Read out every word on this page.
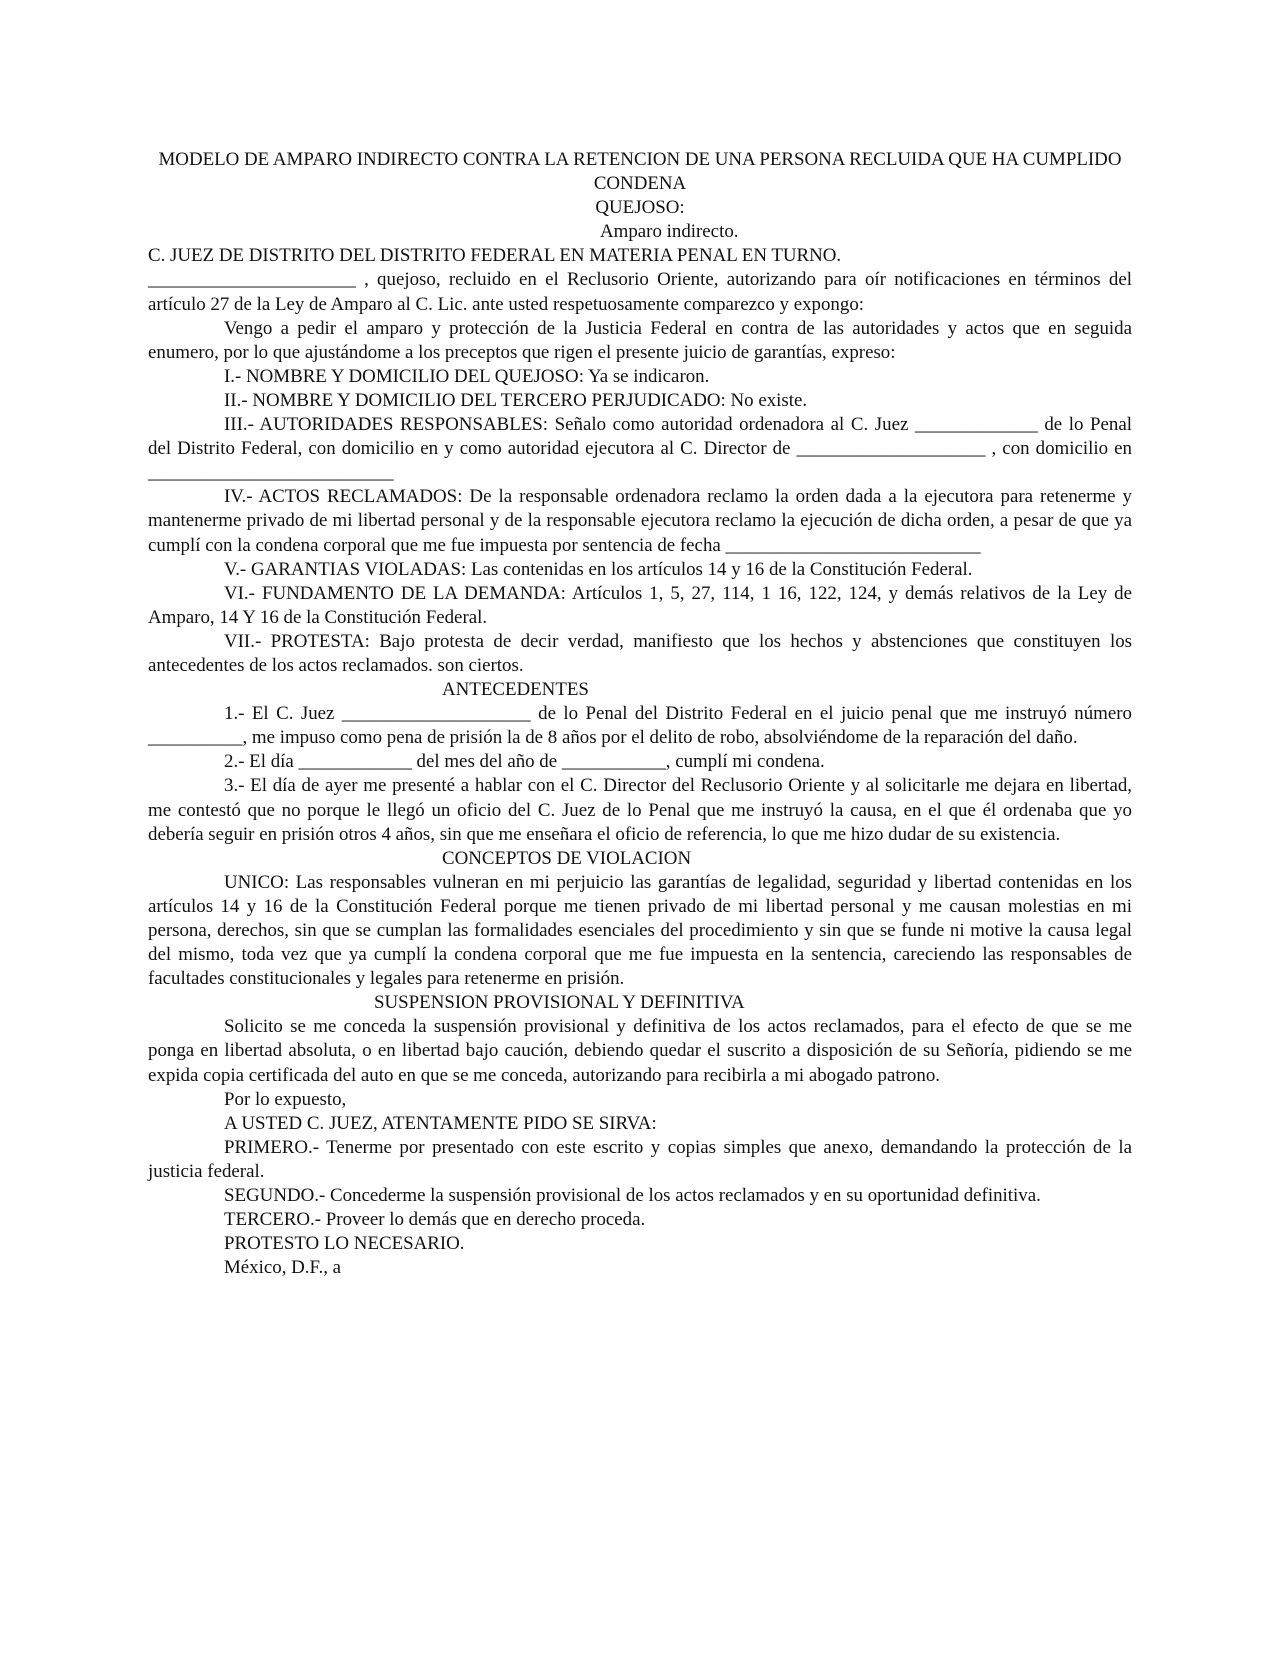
MODELO DE AMPARO INDIRECTO CONTRA LA RETENCION DE UNA PERSONA RECLUIDA QUE HA CUMPLIDO CONDENA

QUEJOSO:

Amparo indirecto.

C. JUEZ DE DISTRITO DEL DISTRITO FEDERAL EN MATERIA PENAL EN TURNO.

______________________ , quejoso, recluido en el Reclusorio Oriente, autorizando para oír notificaciones en términos del artículo 27 de la Ley de Amparo al C. Lic. ante usted respetuosamente comparezco y expongo:

Vengo a pedir el amparo y protección de la Justicia Federal en contra de las autoridades y actos que en seguida enumero, por lo que ajustándome a los preceptos que rigen el presente juicio de garantías, expreso:

I.- NOMBRE Y DOMICILIO DEL QUEJOSO: Ya se indicaron.

II.- NOMBRE Y DOMICILIO DEL TERCERO PERJUDICADO: No existe.

III.- AUTORIDADES RESPONSABLES: Señalo como autoridad ordenadora al C. Juez _____________ de lo Penal del Distrito Federal, con domicilio en y como autoridad ejecutora al C. Director de ____________________ , con domicilio en __________________________

IV.- ACTOS RECLAMADOS: De la responsable ordenadora reclamo la orden dada a la ejecutora para retenerme y mantenerme privado de mi libertad personal y de la responsable ejecutora reclamo la ejecución de dicha orden, a pesar de que ya cumplí con la condena corporal que me fue impuesta por sentencia de fecha ___________________________

V.- GARANTIAS VIOLADAS: Las contenidas en los artículos 14 y 16 de la Constitución Federal.

VI.- FUNDAMENTO DE LA DEMANDA: Artículos 1, 5, 27, 114, 1 16, 122, 124, y demás relativos de la Ley de Amparo, 14 Y 16 de la Constitución Federal.

VII.- PROTESTA: Bajo protesta de decir verdad, manifiesto que los hechos y abstenciones que constituyen los antecedentes de los actos reclamados. son ciertos.

ANTECEDENTES

1.- El C. Juez ____________________ de lo Penal del Distrito Federal en el juicio penal que me instruyó número __________, me impuso como pena de prisión la de 8 años por el delito de robo, absolviéndome de la reparación del daño.

2.- El día ____________ del mes del año de ___________, cumplí mi condena.

3.- El día de ayer me presenté a hablar con el C. Director del Reclusorio Oriente y al solicitarle me dejara en libertad, me contestó que no porque le llegó un oficio del C. Juez de lo Penal que me instruyó la causa, en el que él ordenaba que yo debería seguir en prisión otros 4 años, sin que me enseñara el oficio de referencia, lo que me hizo dudar de su existencia.

CONCEPTOS DE VIOLACION

UNICO: Las responsables vulneran en mi perjuicio las garantías de legalidad, seguridad y libertad contenidas en los artículos 14 y 16 de la Constitución Federal porque me tienen privado de mi libertad personal y me causan molestias en mi persona, derechos, sin que se cumplan las formalidades esenciales del procedimiento y sin que se funde ni motive la causa legal del mismo, toda vez que ya cumplí la condena corporal que me fue impuesta en la sentencia, careciendo las responsables de facultades constitucionales y legales para retenerme en prisión.

SUSPENSION PROVISIONAL Y DEFINITIVA

Solicito se me conceda la suspensión provisional y definitiva de los actos reclamados, para el efecto de que se me ponga en libertad absoluta, o en libertad bajo caución, debiendo quedar el suscrito a disposición de su Señoría, pidiendo se me expida copia certificada del auto en que se me conceda, autorizando para recibirla a mi abogado patrono.

Por lo expuesto,

A USTED C. JUEZ, ATENTAMENTE PIDO SE SIRVA:

PRIMERO.- Tenerme por presentado con este escrito y copias simples que anexo, demandando la protección de la justicia federal.

SEGUNDO.- Concederme la suspensión provisional de los actos reclamados y en su oportunidad definitiva.

TERCERO.- Proveer lo demás que en derecho proceda.

PROTESTO LO NECESARIO.

México, D.F., a
